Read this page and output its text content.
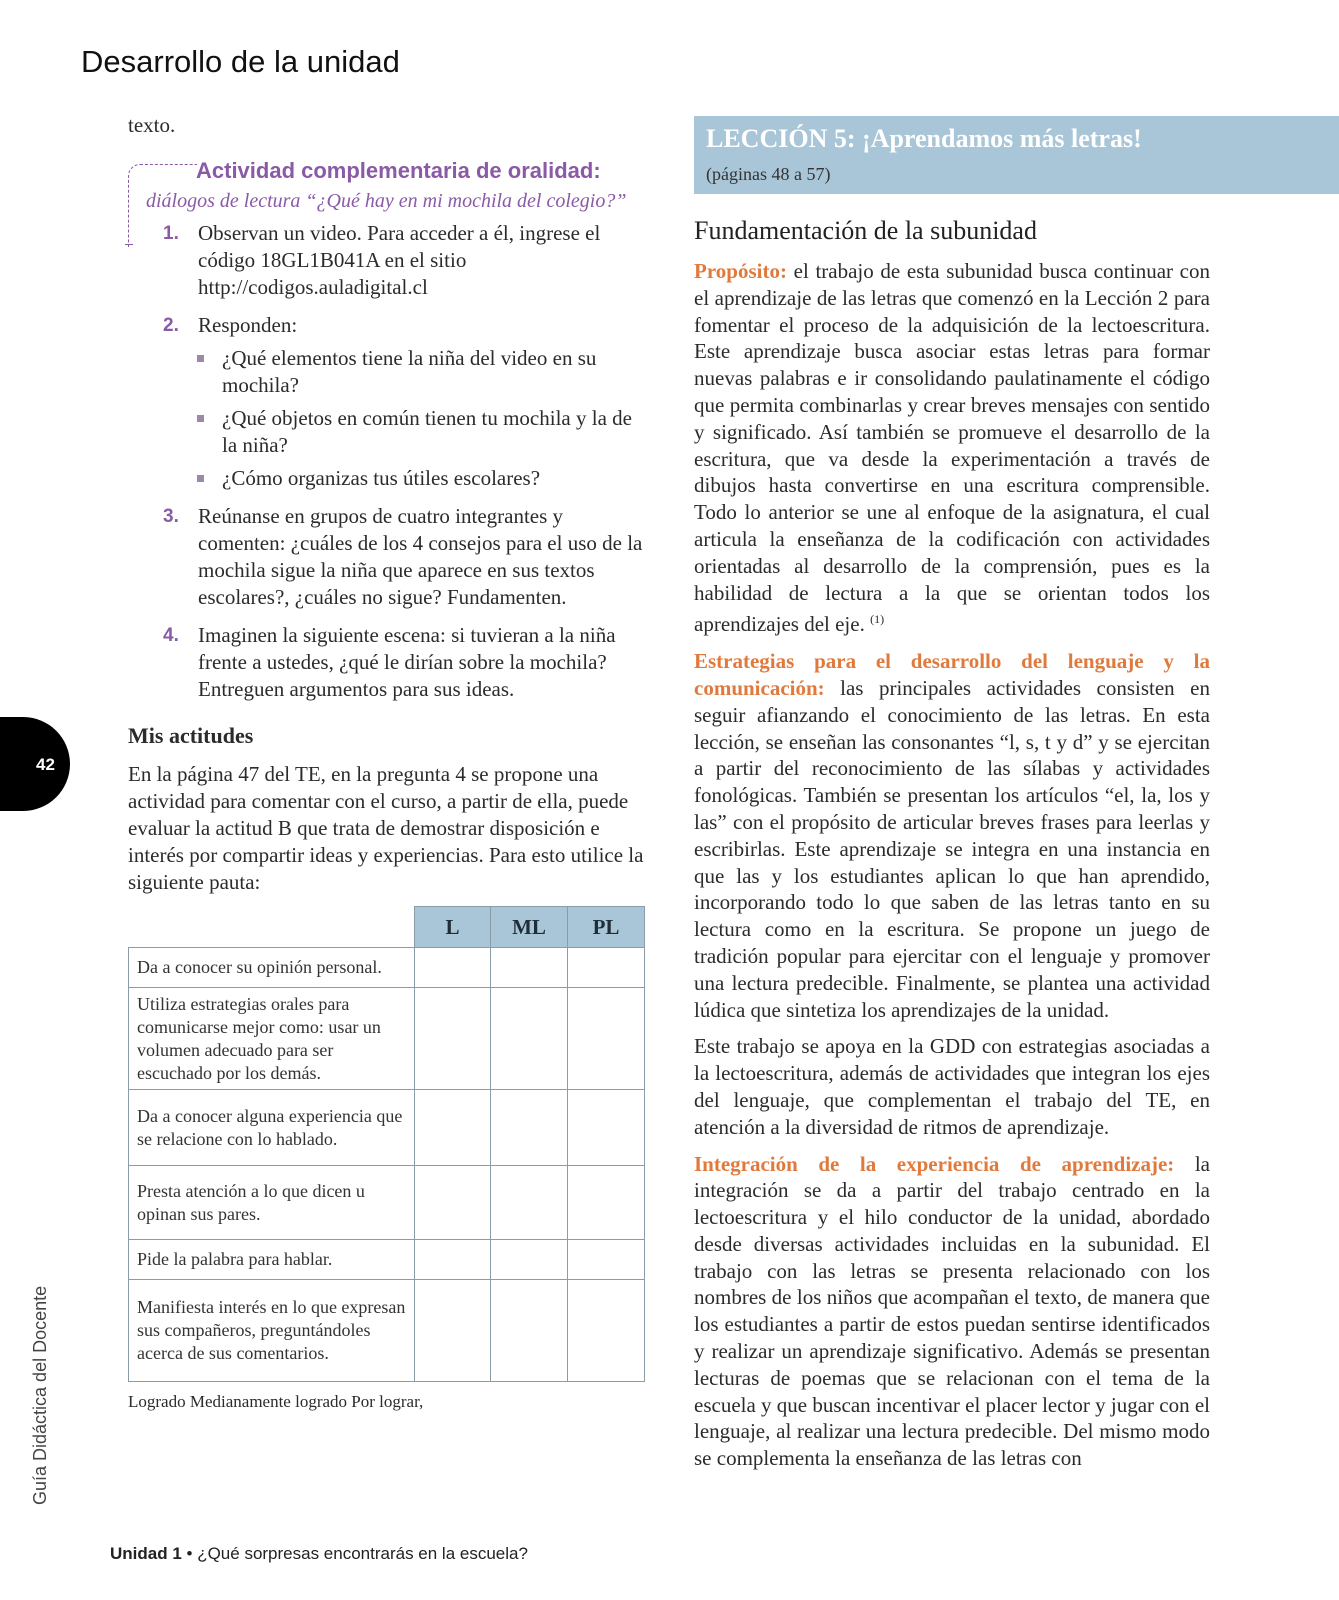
Desarrollo de la unidad

texto.

Actividad complementaria de oralidad:
diálogos de lectura “¿Qué hay en mi mochila del colegio?”
1. Observan un video. Para acceder a él, ingrese el código 18GL1B041A en el sitio http://codigos.auladigital.cl
2. Responden:
¿Qué elementos tiene la niña del video en su mochila?
¿Qué objetos en común tienen tu mochila y la de la niña?
¿Cómo organizas tus útiles escolares?
3. Reúnanse en grupos de cuatro integrantes y comenten: ¿cuáles de los 4 consejos para el uso de la mochila sigue la niña que aparece en sus textos escolares?, ¿cuáles no sigue? Fundamenten.
4. Imaginen la siguiente escena: si tuvieran a la niña frente a ustedes, ¿qué le dirían sobre la mochila? Entreguen argumentos para sus ideas.
Mis actitudes

En la página 47 del TE, en la pregunta 4 se propone una actividad para comentar con el curso, a partir de ella, puede evaluar la actitud B que trata de demostrar disposición e interés por compartir ideas y experiencias. Para esto utilice la siguiente pauta:

	L	ML	PL
Da a conocer su opinión personal.			
Utiliza estrategias orales para comunicarse mejor como: usar un volumen adecuado para ser escuchado por los demás.			
Da a conocer alguna experiencia que se relacione con lo hablado.			
Presta atención a lo que dicen u opinan sus pares.			
Pide la palabra para hablar.			
Manifiesta interés en lo que expresan sus compañeros, preguntándoles acerca de sus comentarios.			
Logrado Medianamente logrado Por lograr,
LECCIÓN 5: ¡Aprendamos más letras!
(páginas 48 a 57)
Fundamentación de la subunidad

Propósito: el trabajo de esta subunidad busca continuar con el aprendizaje de las letras que comenzó en la Lección 2 para fomentar el proceso de la adquisición de la lectoescritura. Este aprendizaje busca asociar estas letras para formar nuevas palabras e ir consolidando paulatinamente el código que permita combinarlas y crear breves mensajes con sentido y significado. Así también se promueve el desarrollo de la escritura, que va desde la experimentación a través de dibujos hasta convertirse en una escritura comprensible. Todo lo anterior se une al enfoque de la asignatura, el cual articula la enseñanza de la codificación con actividades orientadas al desarrollo de la comprensión, pues es la habilidad de lectura a la que se orientan todos los aprendizajes del eje. $^{(1)}$

Estrategias para el desarrollo del lenguaje y la comunicación: las principales actividades consisten en seguir afianzando el conocimiento de las letras. En esta lección, se enseñan las consonantes “l, s, t y d” y se ejercitan a partir del reconocimiento de las sílabas y actividades fonológicas. También se presentan los artículos “el, la, los y las” con el propósito de articular breves frases para leerlas y escribirlas. Este aprendizaje se integra en una instancia en que las y los estudiantes aplican lo que han aprendido, incorporando todo lo que saben de las letras tanto en su lectura como en la escritura. Se propone un juego de tradición popular para ejercitar con el lenguaje y promover una lectura predecible. Finalmente, se plantea una actividad lúdica que sintetiza los aprendizajes de la unidad.

Este trabajo se apoya en la GDD con estrategias asociadas a la lectoescritura, además de actividades que integran los ejes del lenguaje, que complementan el trabajo del TE, en atención a la diversidad de ritmos de aprendizaje.

Integración de la experiencia de aprendizaje: la integración se da a partir del trabajo centrado en la lectoescritura y el hilo conductor de la unidad, abordado desde diversas actividades incluidas en la subunidad. El trabajo con las letras se presenta relacionado con los nombres de los niños que acompañan el texto, de manera que los estudiantes a partir de estos puedan sentirse identificados y realizar un aprendizaje significativo. Además se presentan lecturas de poemas que se relacionan con el tema de la escuela y que buscan incentivar el placer lector y jugar con el lenguaje, al realizar una lectura predecible. Del mismo modo se complementa la enseñanza de las letras con

42
Guía Didáctica del Docente
Unidad 1 • ¿Qué sorpresas encontrarás en la escuela?
